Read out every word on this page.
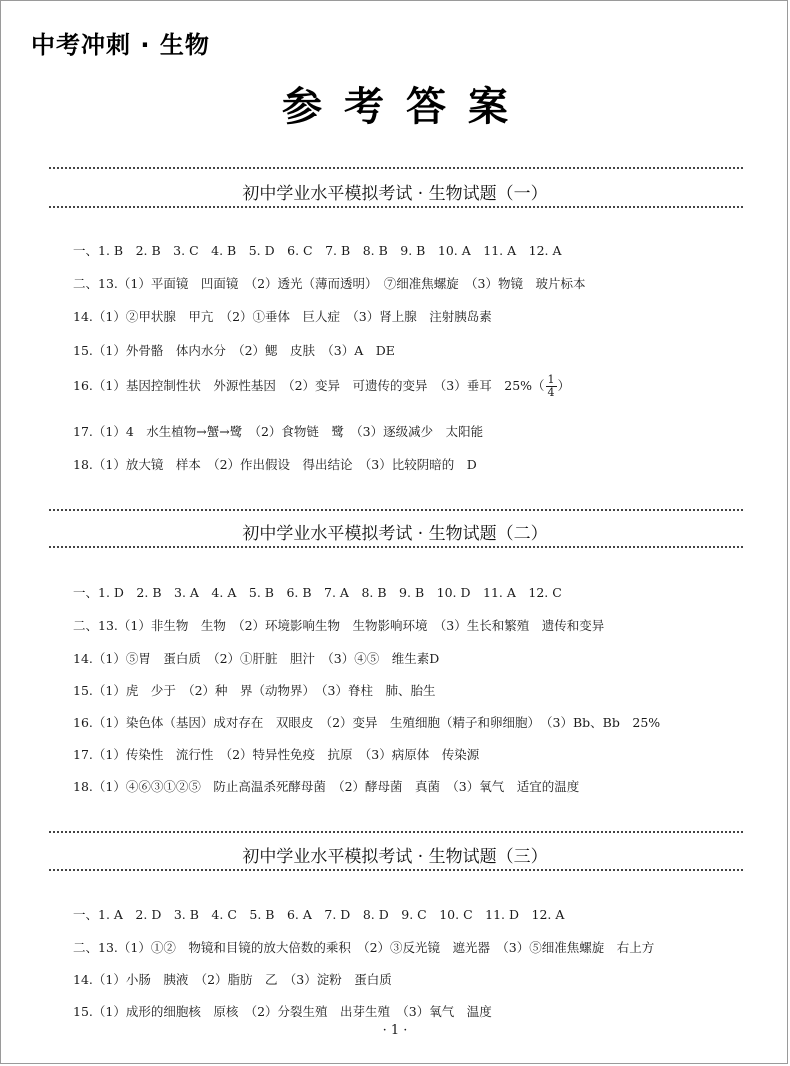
中考冲刺 · 生物
参考答案
初中学业水平模拟考试 · 生物试题（一）
一、1. B　2. B　3. C　4. B　5. D　6. C　7. B　8. B　9. B　10. A　11. A　12. A
二、13.（1）平面镜　凹面镜　（2）透光（薄而透明）　⑦细准焦螺旋　（3）物镜　玻片标本
14.（1）②甲状腺　甲亢　（2）①垂体　巨人症　（3）肾上腺　注射胰岛素
15.（1）外骨骼　体内水分　（2）鳃　皮肤　（3）A　DE
16.（1）基因控制性状　外源性基因　（2）变异　可遗传的变异　（3）垂耳　$25\%( \frac{1}{4}$ ）
17.（1）4　水生植物→蟹→鹭　（2）食物链　鹭　（3）逐级减少　太阳能
18.（1）放大镜　样本　（2）作出假设　得出结论　（3）比较阴暗的　D
初中学业水平模拟考试 · 生物试题（二）
一、1. D　2. B　3. A　4. A　5. B　6. B　7. A　8. B　9. B　10. D　11. A　12. C
二、13.（1）非生物　生物　（2）环境影响生物　生物影响环境　（3）生长和繁殖　遗传和变异
14.（1）⑤胃　蛋白质　（2）①肝脏　胆汁　（3）④⑤　维生素D
15.（1）虎　少于　（2）种　界（动物界）　（3）脊柱　肺、胎生
16.（1）染色体（基因）成对存在　双眼皮　（2）变异　生殖细胞（精子和卵细胞）　（3）Bb、Bb　25%
17.（1）传染性　流行性　（2）特异性免疫　抗原　（3）病原体　传染源
18.（1）④⑥③①②⑤　防止高温杀死酵母菌　（2）酵母菌　真菌　（3）氧气　适宜的温度
初中学业水平模拟考试 · 生物试题（三）
一、1. A　2. D　3. B　4. C　5. B　6. A　7. D　8. D　9. C　10. C　11. D　12. A
二、13.（1）①②　物镜和目镜的放大倍数的乘积　（2）③反光镜　遮光器　（3）⑤细准焦螺旋　右上方
14.（1）小肠　胰液　（2）脂肪　乙　（3）淀粉　蛋白质
15.（1）成形的细胞核　原核　（2）分裂生殖　出芽生殖　（3）氧气　温度
· 1 ·
